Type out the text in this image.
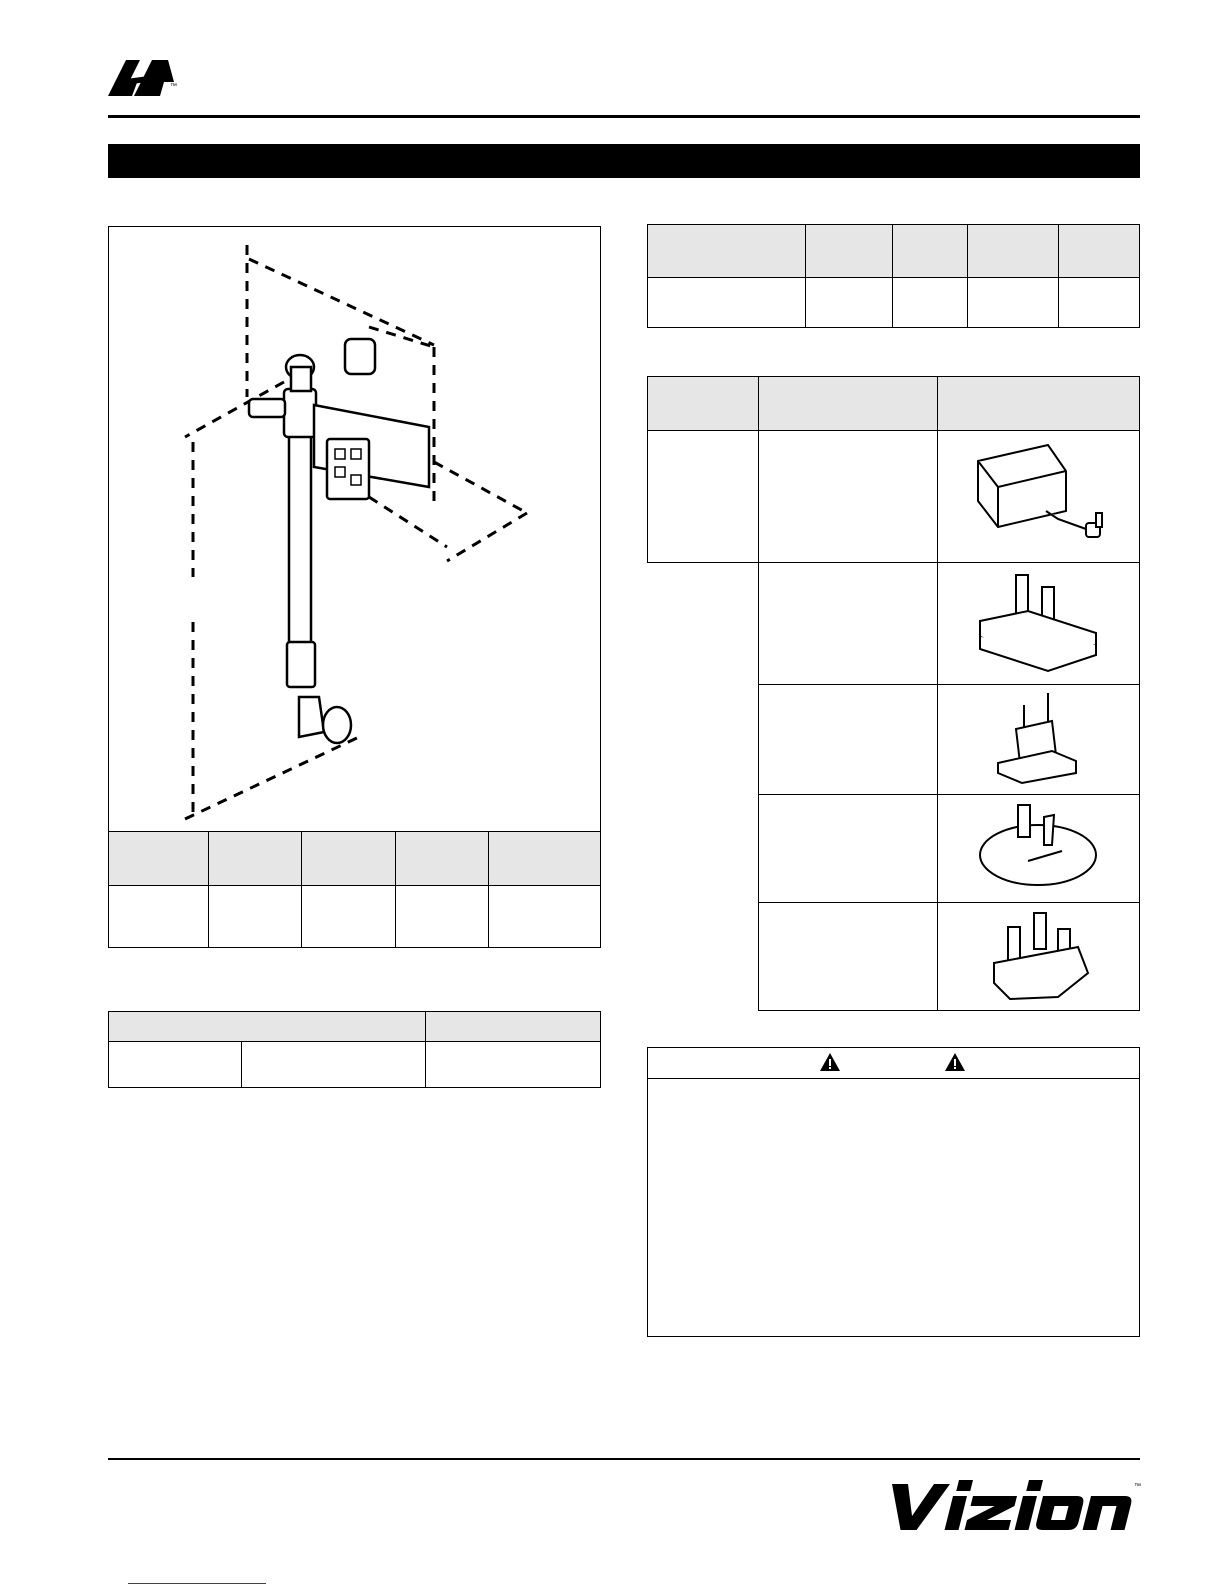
™

™
